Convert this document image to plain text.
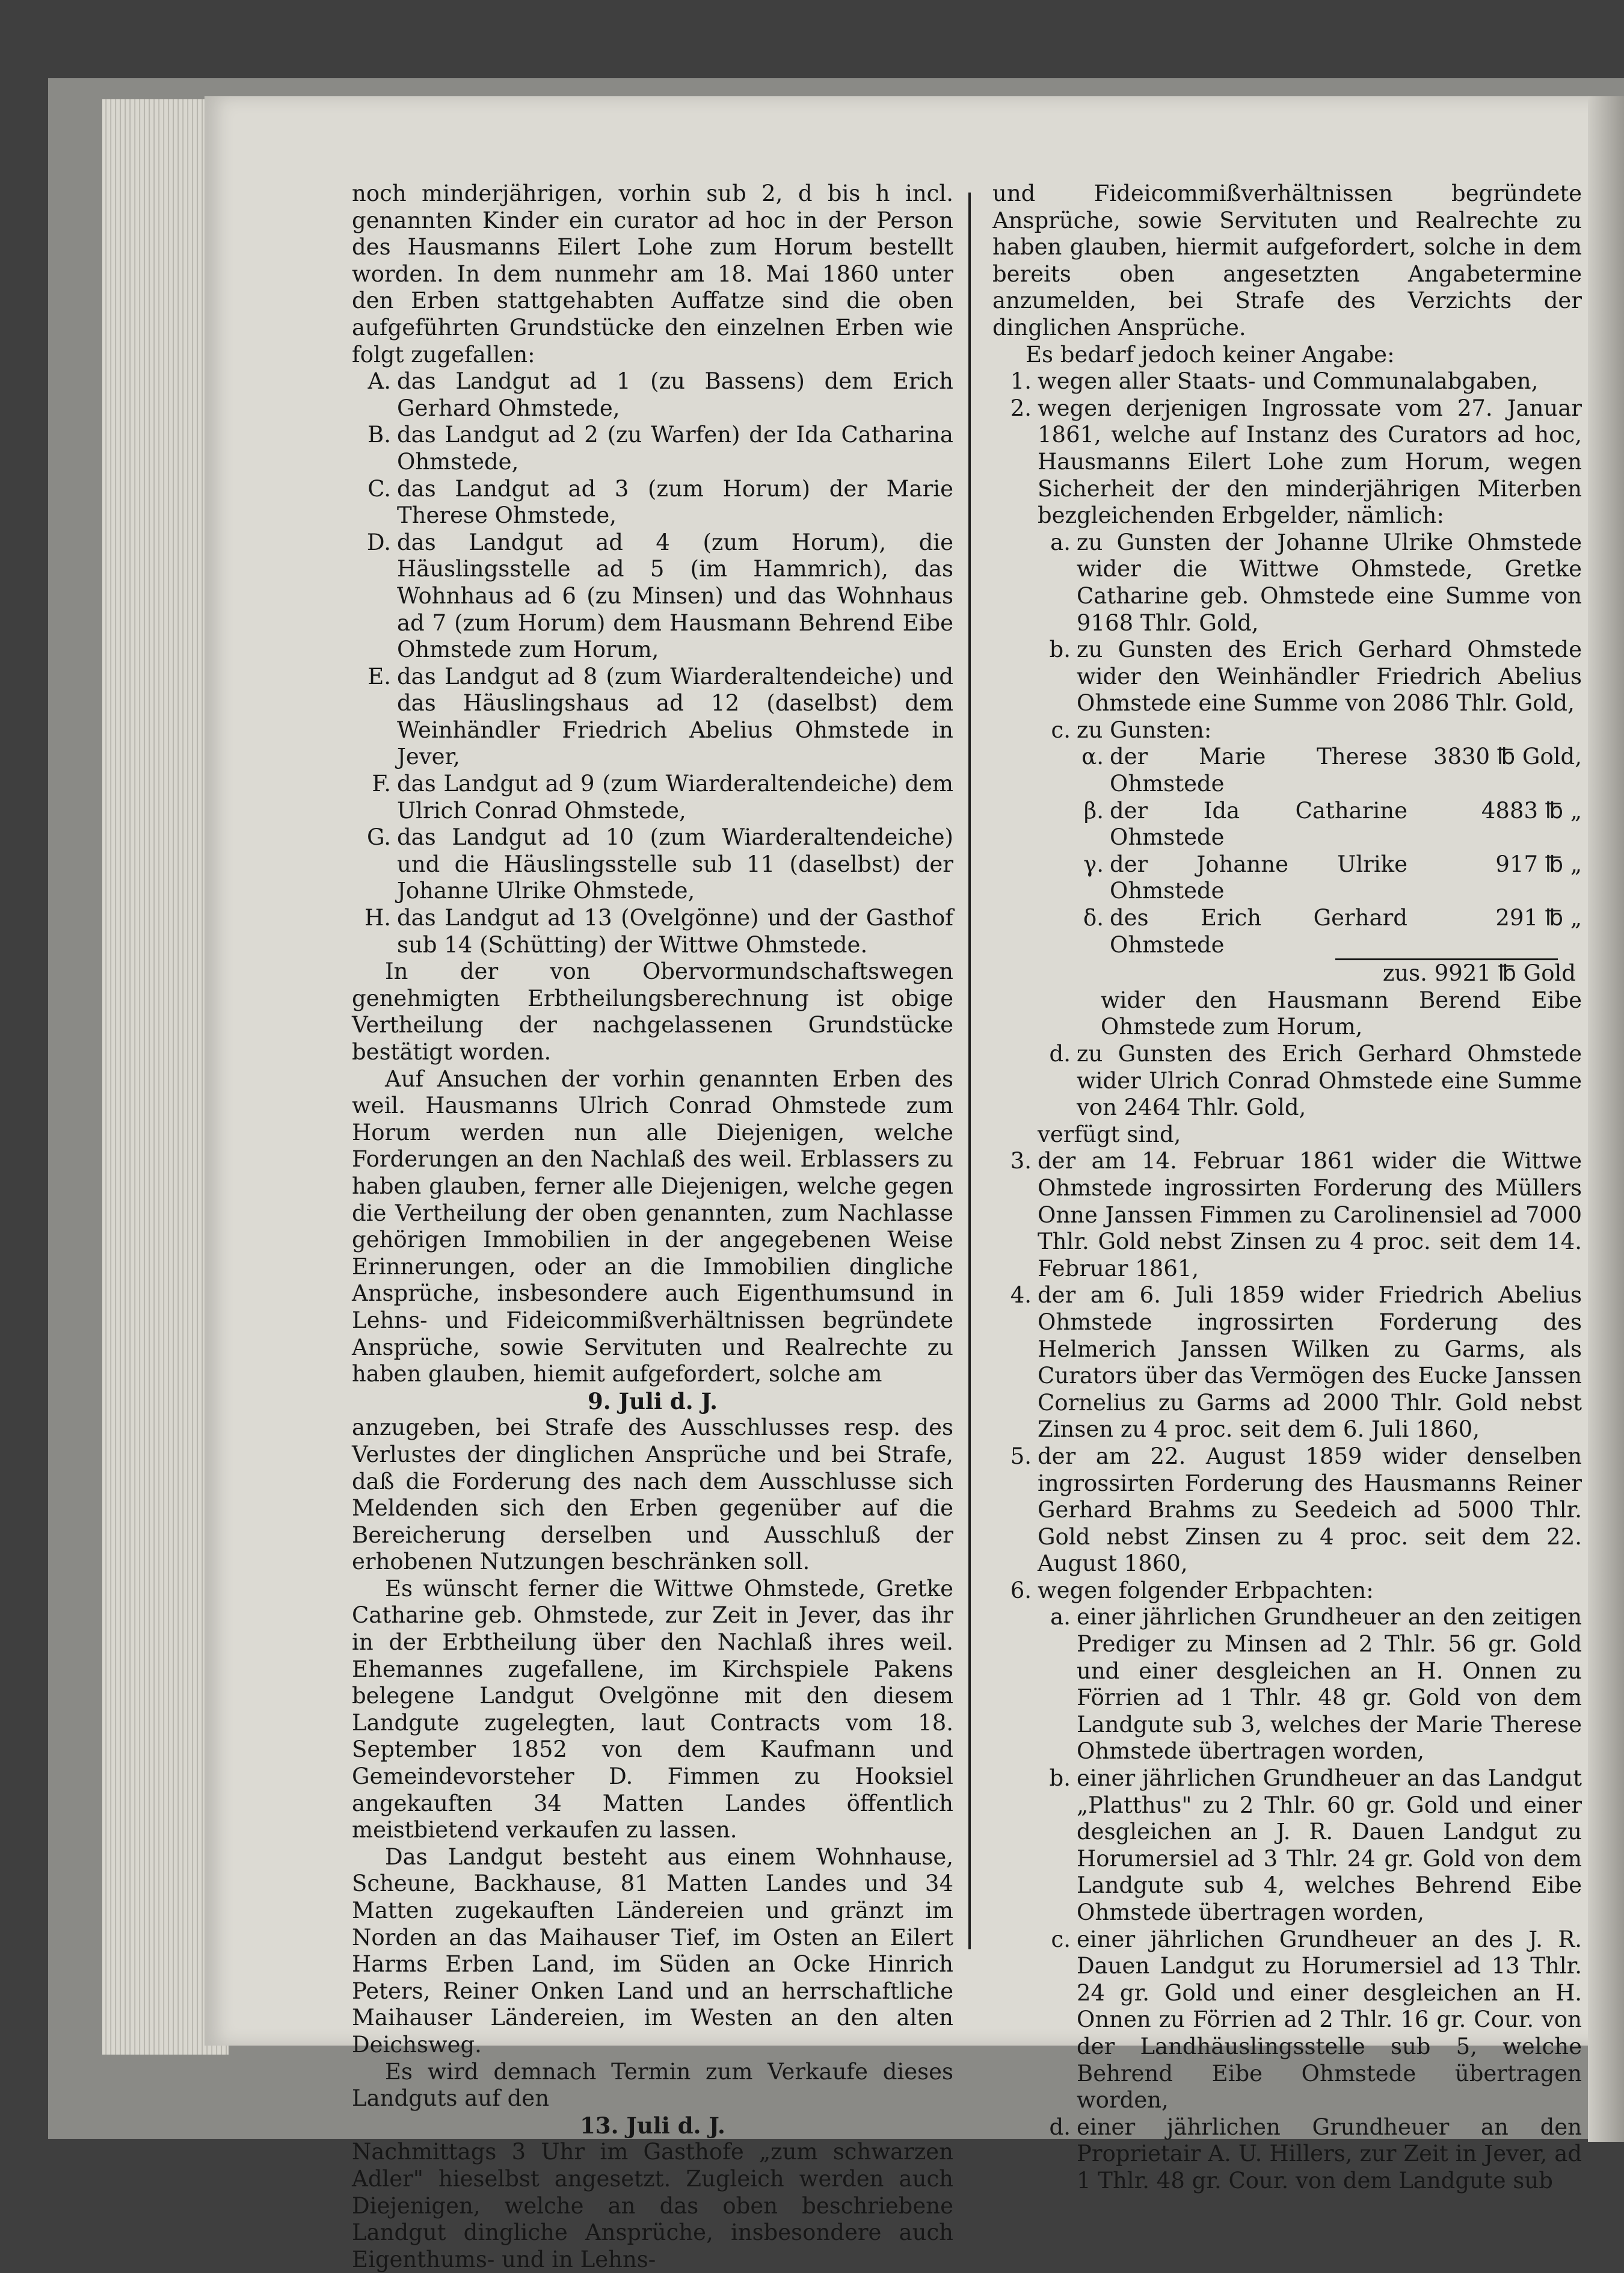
noch minderjährigen, vorhin sub 2, d bis h incl. genannten Kinder ein curator ad hoc in der Person des Hausmanns Eilert Lohe zum Horum bestellt worden. In dem nunmehr am 18. Mai 1860 unter den Erben stattgehabten Auffatze sind die oben aufgeführten Grundstücke den einzelnen Erben wie folgt zugefallen:

A. das Landgut ad 1 (zu Bassens) dem Erich Gerhard Ohmstede,
B. das Landgut ad 2 (zu Warfen) der Ida Catharina Ohmstede,
C. das Landgut ad 3 (zum Horum) der Marie Therese Ohmstede,
D. das Landgut ad 4 (zum Horum), die Häuslingsstelle ad 5 (im Hammrich), das Wohnhaus ad 6 (zu Minsen) und das Wohnhaus ad 7 (zum Horum) dem Hausmann Behrend Eibe Ohmstede zum Horum,
E. das Landgut ad 8 (zum Wiarderaltendeiche) und das Häuslingshaus ad 12 (daselbst) dem Weinhändler Friedrich Abelius Ohmstede in Jever,
F. das Landgut ad 9 (zum Wiarderaltendeiche) dem Ulrich Conrad Ohmstede,
G. das Landgut ad 10 (zum Wiarderaltendeiche) und die Häuslingsstelle sub 11 (daselbst) der Johanne Ulrike Ohmstede,
H. das Landgut ad 13 (Ovelgönne) und der Gasthof sub 14 (Schütting) der Wittwe Ohmstede.

In der von Obervormundschaftswegen genehmigten Erbtheilungsberechnung ist obige Vertheilung der nachgelassenen Grundstücke bestätigt worden.

Auf Ansuchen der vorhin genannten Erben des weil. Hausmanns Ulrich Conrad Ohmstede zum Horum werden nun alle Diejenigen, welche Forderungen an den Nachlaß des weil. Erblassers zu haben glauben, ferner alle Diejenigen, welche gegen die Vertheilung der oben genannten, zum Nachlasse gehörigen Immobilien in der angegebenen Weise Erinnerungen, oder an die Immobilien dingliche Ansprüche, insbesondere auch Eigenthumsund in Lehns- und Fideicommißverhältnissen begründete Ansprüche, sowie Servituten und Realrechte zu haben glauben, hiemit aufgefordert, solche am

9. Juli d. J.

anzugeben, bei Strafe des Ausschlusses resp. des Verlustes der dinglichen Ansprüche und bei Strafe, daß die Forderung des nach dem Ausschlusse sich Meldenden sich den Erben gegenüber auf die Bereicherung derselben und Ausschluß der erhobenen Nutzungen beschränken soll.

Es wünscht ferner die Wittwe Ohmstede, Gretke Catharine geb. Ohmstede, zur Zeit in Jever, das ihr in der Erbtheilung über den Nachlaß ihres weil. Ehemannes zugefallene, im Kirchspiele Pakens belegene Landgut Ovelgönne mit den diesem Landgute zugelegten, laut Contracts vom 18. September 1852 von dem Kaufmann und Gemeindevorsteher D. Fimmen zu Hooksiel angekauften 34 Matten Landes öffentlich meistbietend verkaufen zu lassen.

Das Landgut besteht aus einem Wohnhause, Scheune, Backhause, 81 Matten Landes und 34 Matten zugekauften Ländereien und gränzt im Norden an das Maihauser Tief, im Osten an Eilert Harms Erben Land, im Süden an Ocke Hinrich Peters, Reiner Onken Land und an herrschaftliche Maihauser Ländereien, im Westen an den alten Deichsweg.

Es wird demnach Termin zum Verkaufe dieses Landguts auf den

13. Juli d. J.

Nachmittags 3 Uhr im Gasthofe „zum schwarzen Adler" hieselbst angesetzt. Zugleich werden auch Diejenigen, welche an das oben beschriebene Landgut dingliche Ansprüche, insbesondere auch Eigenthums- und in Lehns-

und Fideicommißverhältnissen begründete Ansprüche, sowie Servituten und Realrechte zu haben glauben, hiermit aufgefordert, solche in dem bereits oben angesetzten Angabetermine anzumelden, bei Strafe des Verzichts der dinglichen Ansprüche.

Es bedarf jedoch keiner Angabe:

1. wegen aller Staats- und Communalabgaben,
2. wegen derjenigen Ingrossate vom 27. Januar 1861, welche auf Instanz des Curators ad hoc, Hausmanns Eilert Lohe zum Horum, wegen Sicherheit der den minderjährigen Miterben bezgleichenden Erbgelder, nämlich:
a. zu Gunsten der Johanne Ulrike Ohmstede wider die Wittwe Ohmstede, Gretke Catharine geb. Ohmstede eine Summe von 9168 Thlr. Gold,
b. zu Gunsten des Erich Gerhard Ohmstede wider den Weinhändler Friedrich Abelius Ohmstede eine Summe von 2086 Thlr. Gold,
c. zu Gunsten:
α. der Marie Therese Ohmstede
3830 ℔ Gold,
β. der Ida Catharine Ohmstede
4883 ℔ „
γ. der Johanne Ulrike Ohmstede
917 ℔ „
δ. des Erich Gerhard Ohmstede
291 ℔ „
zus. 9921 ℔ Gold
wider den Hausmann Berend Eibe Ohmstede zum Horum,
d. zu Gunsten des Erich Gerhard Ohmstede wider Ulrich Conrad Ohmstede eine Summe von 2464 Thlr. Gold,
verfügt sind,
3. der am 14. Februar 1861 wider die Wittwe Ohmstede ingrossirten Forderung des Müllers Onne Janssen Fimmen zu Carolinensiel ad 7000 Thlr. Gold nebst Zinsen zu 4 proc. seit dem 14. Februar 1861,
4. der am 6. Juli 1859 wider Friedrich Abelius Ohmstede ingrossirten Forderung des Helmerich Janssen Wilken zu Garms, als Curators über das Vermögen des Eucke Janssen Cornelius zu Garms ad 2000 Thlr. Gold nebst Zinsen zu 4 proc. seit dem 6. Juli 1860,
5. der am 22. August 1859 wider denselben ingrossirten Forderung des Hausmanns Reiner Gerhard Brahms zu Seedeich ad 5000 Thlr. Gold nebst Zinsen zu 4 proc. seit dem 22. August 1860,
6. wegen folgender Erbpachten:
a. einer jährlichen Grundheuer an den zeitigen Prediger zu Minsen ad 2 Thlr. 56 gr. Gold und einer desgleichen an H. Onnen zu Förrien ad 1 Thlr. 48 gr. Gold von dem Landgute sub 3, welches der Marie Therese Ohmstede übertragen worden,
b. einer jährlichen Grundheuer an das Landgut „Platthus" zu 2 Thlr. 60 gr. Gold und einer desgleichen an J. R. Dauen Landgut zu Horumersiel ad 3 Thlr. 24 gr. Gold von dem Landgute sub 4, welches Behrend Eibe Ohmstede übertragen worden,
c. einer jährlichen Grundheuer an des J. R. Dauen Landgut zu Horumersiel ad 13 Thlr. 24 gr. Gold und einer desgleichen an H. Onnen zu Förrien ad 2 Thlr. 16 gr. Cour. von der Landhäuslingsstelle sub 5, welche Behrend Eibe Ohmstede übertragen worden,
d. einer jährlichen Grundheuer an den Proprietair A. U. Hillers, zur Zeit in Jever, ad 1 Thlr. 48 gr. Cour. von dem Landgute sub
